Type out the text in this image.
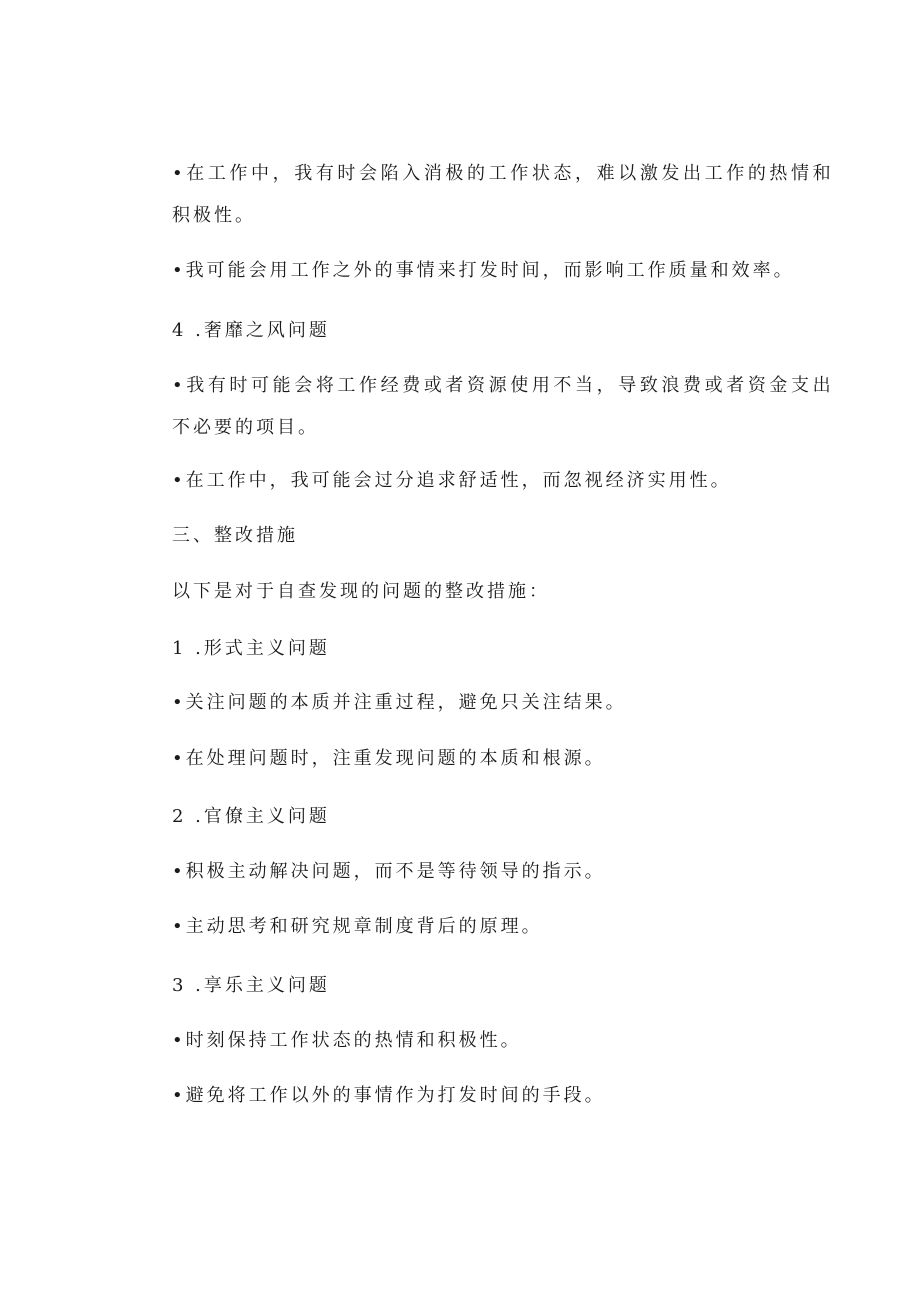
•在工作中，我有时会陷入消极的工作状态，难以激发出工作的热情和
积极性。
•我可能会用工作之外的事情来打发时间，而影响工作质量和效率。
4 .奢靡之风问题
•我有时可能会将工作经费或者资源使用不当，导致浪费或者资金支出
不必要的项目。
•在工作中，我可能会过分追求舒适性，而忽视经济实用性。
三、整改措施
以下是对于自查发现的问题的整改措施：
1 .形式主义问题
•关注问题的本质并注重过程，避免只关注结果。
•在处理问题时，注重发现问题的本质和根源。
2 .官僚主义问题
•积极主动解决问题，而不是等待领导的指示。
•主动思考和研究规章制度背后的原理。
3 .享乐主义问题
•时刻保持工作状态的热情和积极性。
•避免将工作以外的事情作为打发时间的手段。
